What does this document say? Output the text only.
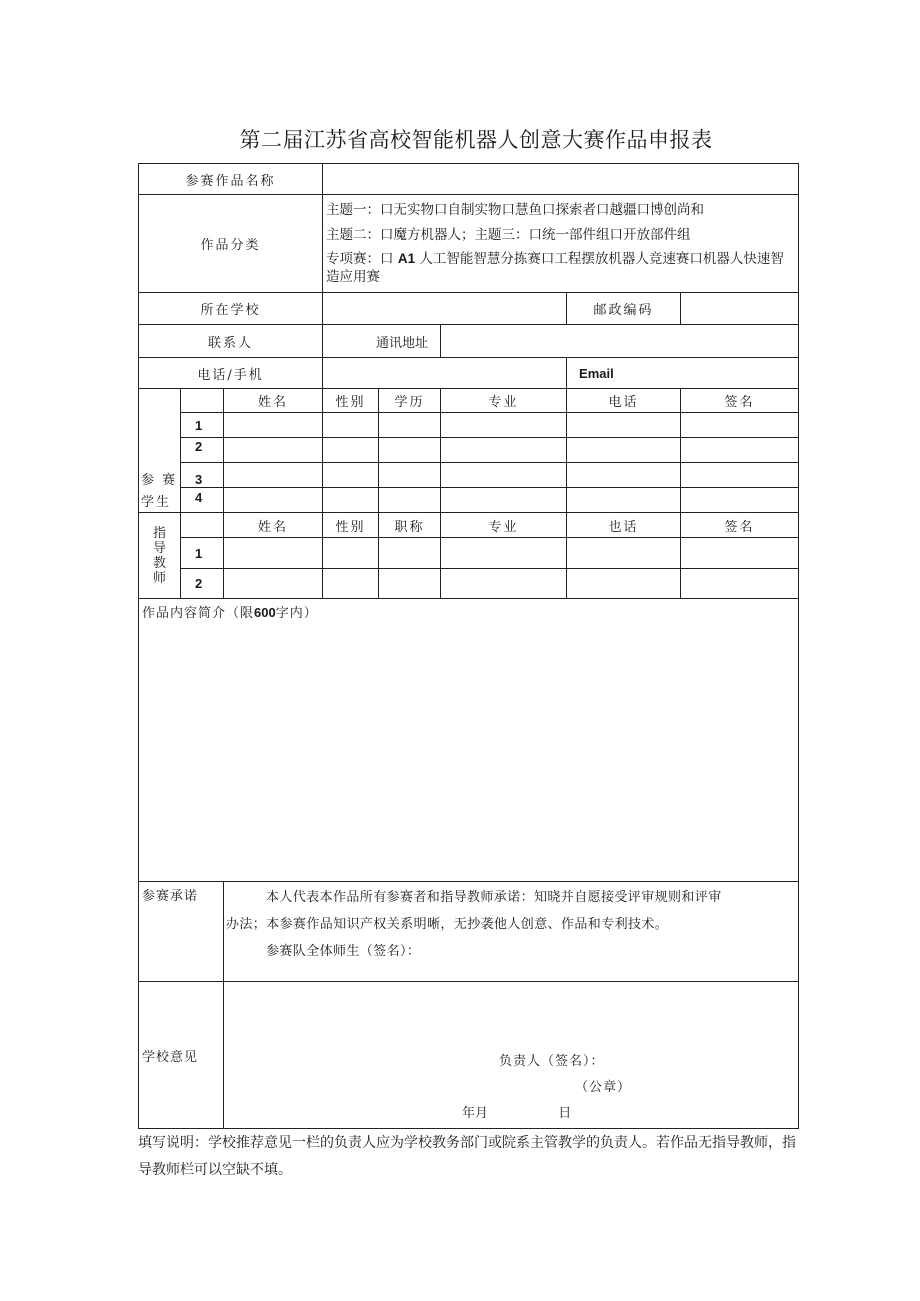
第二届江苏省高校智能机器人创意大赛作品申报表
参赛作品名称							
作品分类			主题一：口无实物口自制实物口慧鱼口探索者口越疆口博创尚和
主题二：口魔方机器人；主题三：口统一部件组口开放部件组
专项赛：口 A1 人工智能智慧分拣赛口工程摆放机器人竞速赛口机器人快速智造应用赛				

所在学校						邮政编码	
联系人			通讯地址				
电话/手机						Email	
		姓名	性别	学历	专业	电话	签名
	1						
	2						
参 赛	3						
学生	4						

指
导
教
师		姓名	性别	职称	专业	也话	签名
	1						
	2						
作品内容简介（限600字内）							
参赛承诺		本人代表本作品所有参赛者和指导教师承诺：知晓并自愿接受评审规则和评审

办法；本参赛作品知识产权关系明晰，无抄袭他人创意、作品和专利技术。

参赛队全体师生（签名）：					

学校意见		负责人（签名）：
（公章）
年月 日					
填写说明：学校推荐意见一栏的负责人应为学校教务部门或院系主管教学的负责人。若作品无指导教师，指导教师栏可以空缺不填。
